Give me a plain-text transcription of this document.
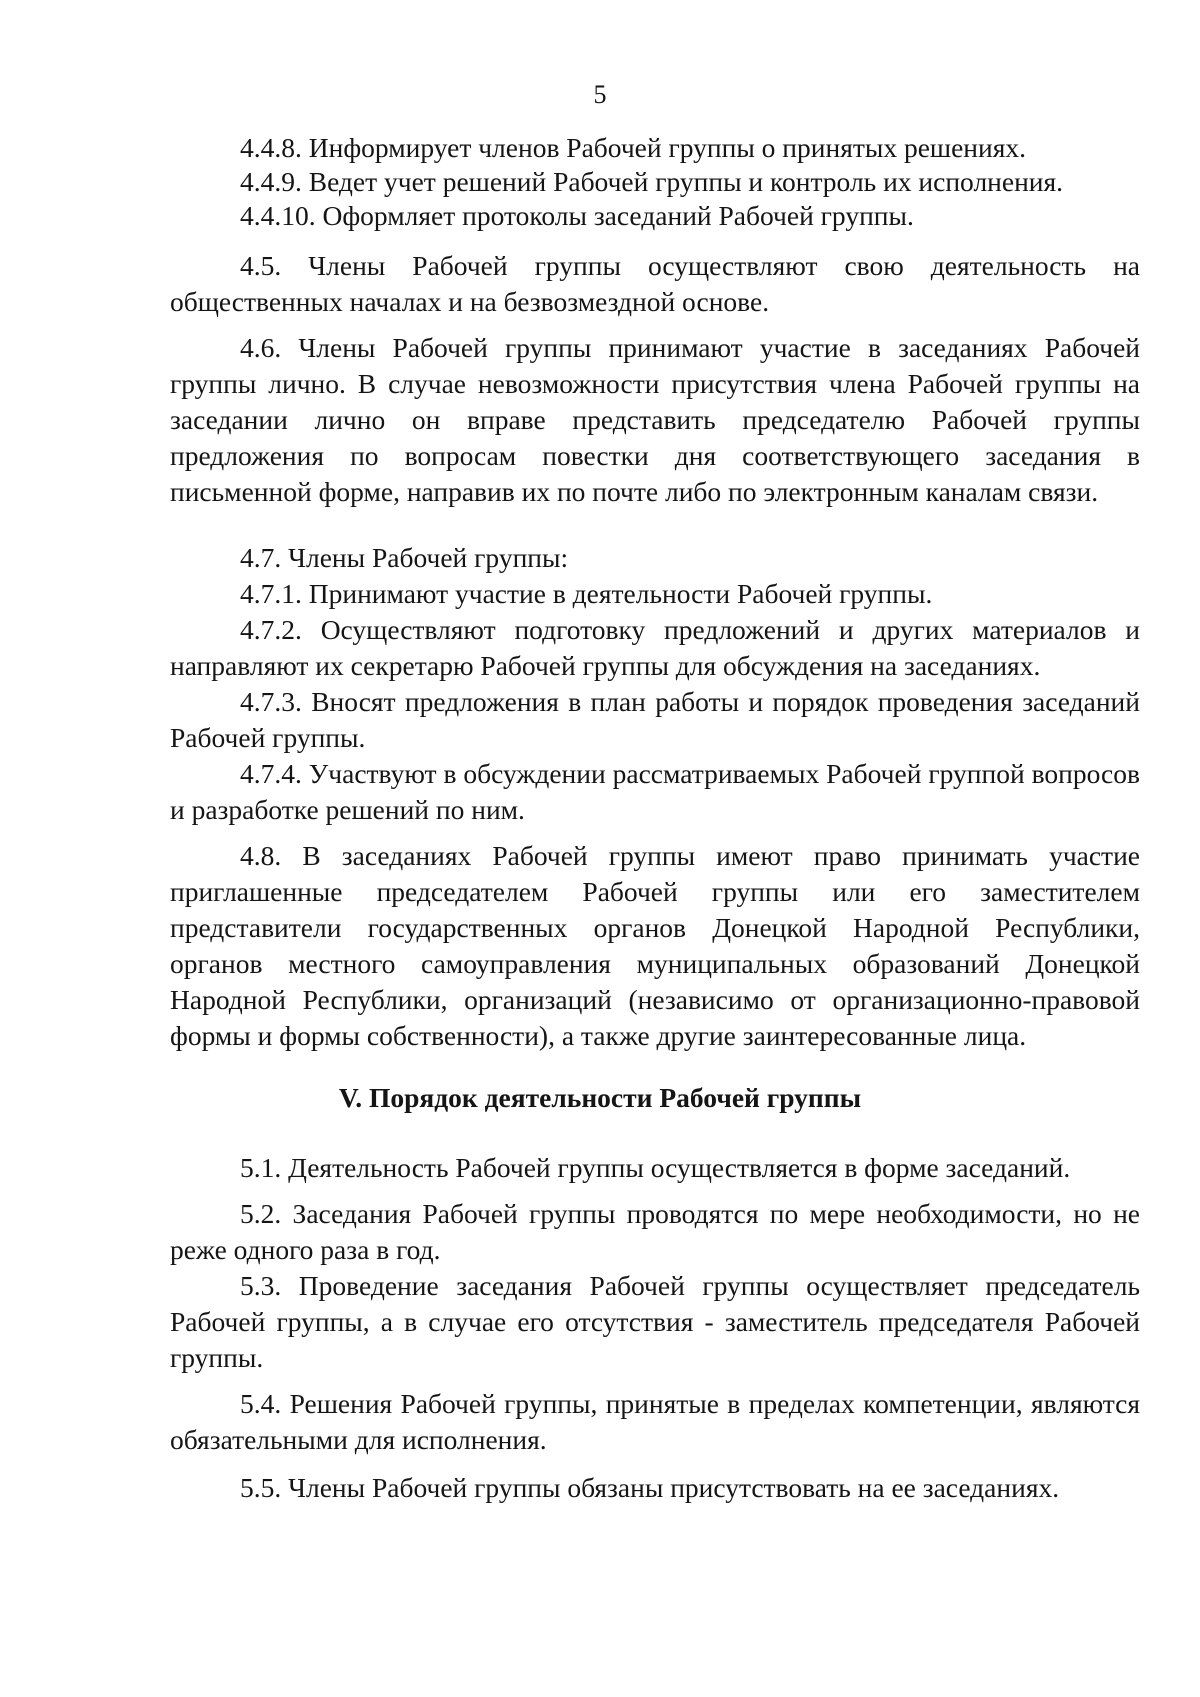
5

4.4.8. Информирует членов Рабочей группы о принятых решениях.

4.4.9. Ведет учет решений Рабочей группы и контроль их исполнения.

4.4.10. Оформляет протоколы заседаний Рабочей группы.

4.5. Члены Рабочей группы осуществляют свою деятельность на общественных началах и на безвозмездной основе.

4.6. Члены Рабочей группы принимают участие в заседаниях Рабочей группы лично. В случае невозможности присутствия члена Рабочей группы на заседании лично он вправе представить председателю Рабочей группы предложения по вопросам повестки дня соответствующего заседания в письменной форме, направив их по почте либо по электронным каналам связи.

4.7. Члены Рабочей группы:

4.7.1. Принимают участие в деятельности Рабочей группы.

4.7.2. Осуществляют подготовку предложений и других материалов и направляют их секретарю Рабочей группы для обсуждения на заседаниях.

4.7.3. Вносят предложения в план работы и порядок проведения заседаний Рабочей группы.

4.7.4. Участвуют в обсуждении рассматриваемых Рабочей группой вопросов и разработке решений по ним.

4.8. В заседаниях Рабочей группы имеют право принимать участие приглашенные председателем Рабочей группы или его заместителем представители государственных органов Донецкой Народной Республики, органов местного самоуправления муниципальных образований Донецкой Народной Республики, организаций (независимо от организационно-правовой формы и формы собственности), а также другие заинтересованные лица.

V. Порядок деятельности Рабочей группы

5.1. Деятельность Рабочей группы осуществляется в форме заседаний.

5.2. Заседания Рабочей группы проводятся по мере необходимости, но не реже одного раза в год.

5.3. Проведение заседания Рабочей группы осуществляет председатель Рабочей группы, а в случае его отсутствия - заместитель председателя Рабочей группы.

5.4. Решения Рабочей группы, принятые в пределах компетенции, являются обязательными для исполнения.

5.5. Члены Рабочей группы обязаны присутствовать на ее заседаниях.
